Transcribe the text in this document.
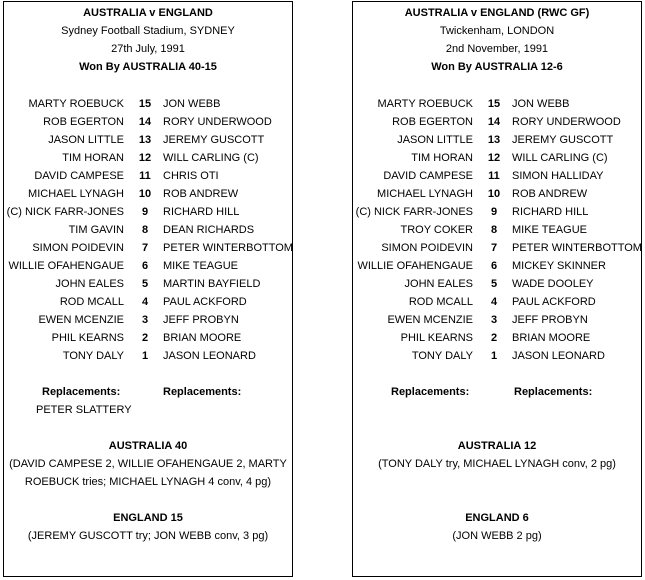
AUSTRALIA v ENGLAND
Sydney Football Stadium, SYDNEY
27th July, 1991
Won By AUSTRALIA 40-15
Replacements:	Replacements:
PETER SLATTERY
AUSTRALIA 40
(DAVID CAMPESE 2, WILLIE OFAHENGAUE 2, MARTY
ROEBUCK tries; MICHAEL LYNAGH 4 conv, 4 pg)
ENGLAND 15
(JEREMY GUSCOTT try; JON WEBB conv, 3 pg)
MARTY ROEBUCK	15	JON WEBB
ROB EGERTON	14	RORY UNDERWOOD
JASON LITTLE	13	JEREMY GUSCOTT
TIM HORAN	12	WILL CARLING (C)
DAVID CAMPESE	11	CHRIS OTI
MICHAEL LYNAGH	10	ROB ANDREW
(C) NICK FARR-JONES	9	RICHARD HILL
TIM GAVIN	8	DEAN RICHARDS
SIMON POIDEVIN	7	PETER WINTERBOTTOM
WILLIE OFAHENGAUE	6	MIKE TEAGUE
JOHN EALES	5	MARTIN BAYFIELD
ROD MCALL	4	PAUL ACKFORD
EWEN MCENZIE	3	JEFF PROBYN
PHIL KEARNS	2	BRIAN MOORE
TONY DALY	1	JASON LEONARD
AUSTRALIA v ENGLAND (RWC GF)
Twickenham, LONDON
2nd November, 1991
Won By AUSTRALIA 12-6
Replacements:	Replacements:
AUSTRALIA 12
(TONY DALY try, MICHAEL LYNAGH conv, 2 pg)
ENGLAND 6
(JON WEBB 2 pg)
MARTY ROEBUCK	15	JON WEBB
ROB EGERTON	14	RORY UNDERWOOD
JASON LITTLE	13	JEREMY GUSCOTT
TIM HORAN	12	WILL CARLING (C)
DAVID CAMPESE	11	SIMON HALLIDAY
MICHAEL LYNAGH	10	ROB ANDREW
(C) NICK FARR-JONES	9	RICHARD HILL
TROY COKER	8	MIKE TEAGUE
SIMON POIDEVIN	7	PETER WINTERBOTTOM
WILLIE OFAHENGAUE	6	MICKEY SKINNER
JOHN EALES	5	WADE DOOLEY
ROD MCALL	4	PAUL ACKFORD
EWEN MCENZIE	3	JEFF PROBYN
PHIL KEARNS	2	BRIAN MOORE
TONY DALY	1	JASON LEONARD
